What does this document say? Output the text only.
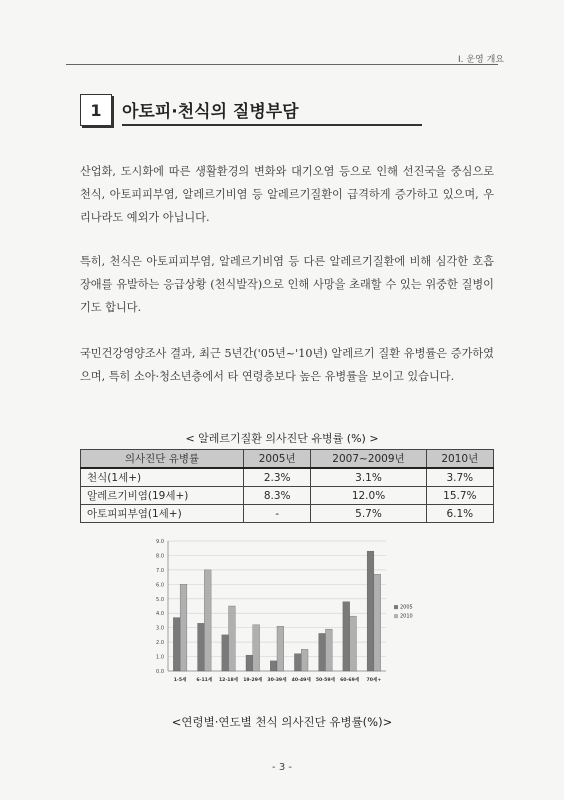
Ⅰ. 운영 개요
1	아토피·천식의 질병부담
산업화, 도시화에 따른 생활환경의 변화와 대기오염 등으로 인해 선진국을 중심으로 천식, 아토피피부염, 알레르기비염 등 알레르기질환이 급격하게 증가하고 있으며, 우리나라도 예외가 아닙니다.
특히, 천식은 아토피피부염, 알레르기비염 등 다른 알레르기질환에 비해 심각한 호흡장애를 유발하는 응급상황 (천식발작)으로 인해 사망을 초래할 수 있는 위중한 질병이기도 합니다.
국민건강영양조사 결과, 최근 5년간('05년~'10년) 알레르기 질환 유병률은 증가하였으며, 특히 소아·청소년층에서 타 연령층보다 높은 유병률을 보이고 있습니다.
< 알레르기질환 의사진단 유병률 (%) >
의사진단 유병률	2005년	2007~2009년	2010년
천식(1세+)	2.3%	3.1%	3.7%
알레르기비염(19세+)	8.3%	12.0%	15.7%
아토피피부염(1세+)	-	5.7%	6.1%
0.0
1.0
2.0
3.0
4.0
5.0
6.0
7.0
8.0
9.0
1-5세 6-11세 12-18세 19-29세 30-39세 40-49세 50-59세 60-69세 70세+
2005
2010
<연령별·연도별 천식 의사진단 유병률(%)>
- 3 -
